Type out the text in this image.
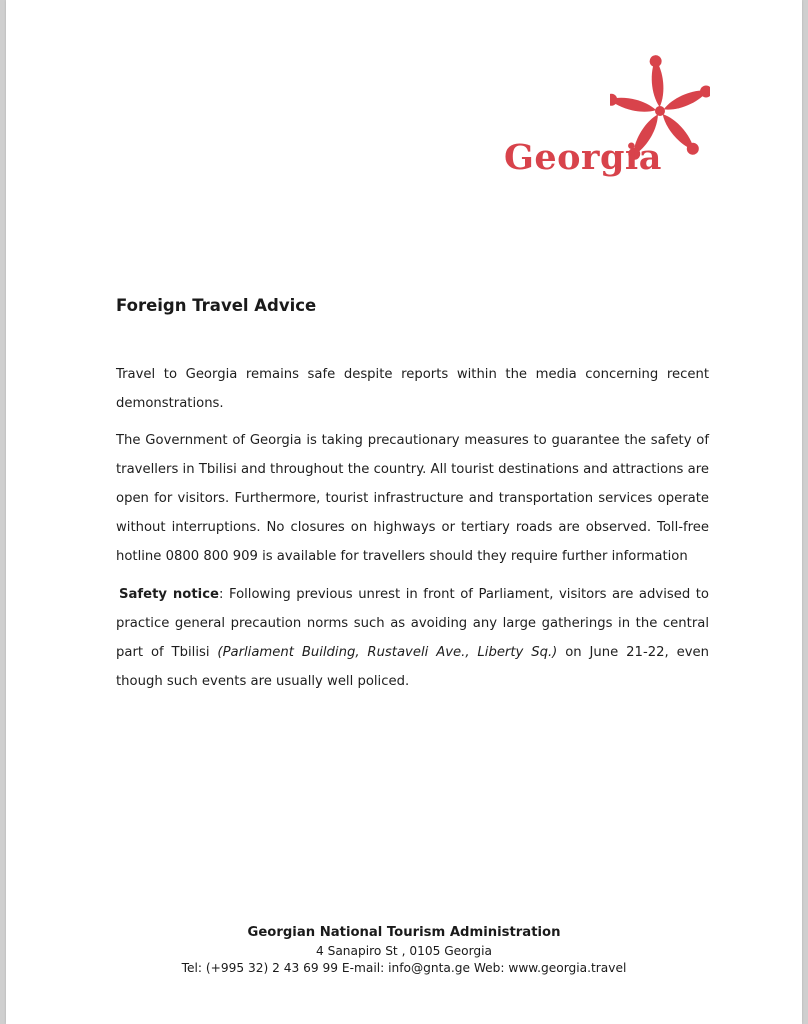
Georgia
Foreign Travel Advice

Travel to Georgia remains safe despite reports within the media concerning recent demonstrations.

The Government of Georgia is taking precautionary measures to guarantee the safety of travellers in Tbilisi and throughout the country. All tourist destinations and attractions are open for visitors. Furthermore, tourist infrastructure and transportation services operate without interruptions. No closures on highways or tertiary roads are observed. Toll-free hotline 0800 800 909 is available for travellers should they require further information

Safety notice: Following previous unrest in front of Parliament, visitors are advised to practice general precaution norms such as avoiding any large gatherings in the central part of Tbilisi (Parliament Building, Rustaveli Ave., Liberty Sq.) on June 21-22, even though such events are usually well policed.

Georgian National Tourism Administration
4 Sanapiro St , 0105 Georgia
Tel: (+995 32) 2 43 69 99 E-mail: info@gnta.ge Web: www.georgia.travel
